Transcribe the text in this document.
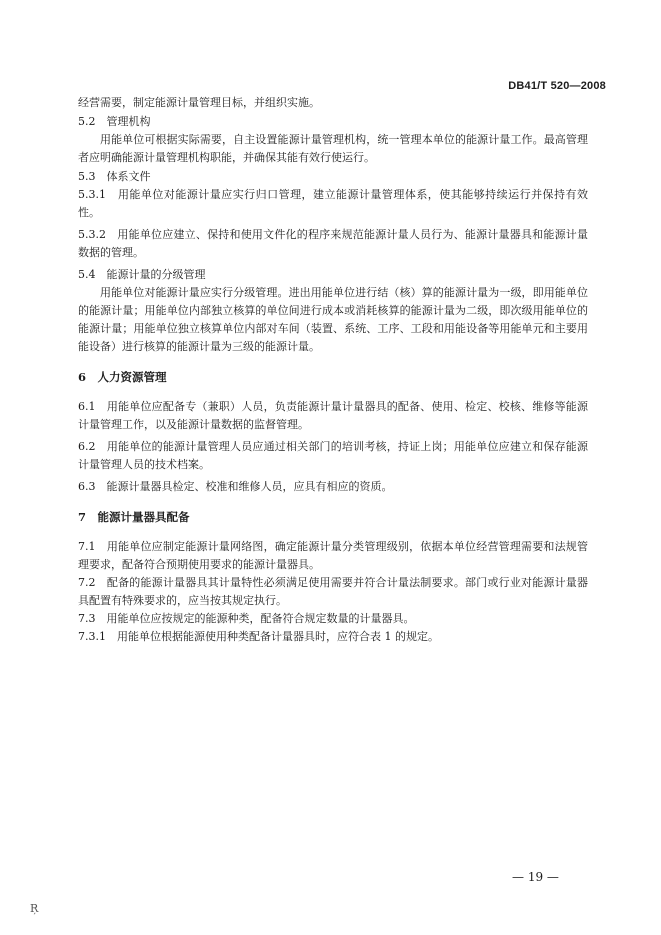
DB41/T 520—2008

经营需要，制定能源计量管理目标，并组织实施。

5.2　管理机构

用能单位可根据实际需要，自主设置能源计量管理机构，统一管理本单位的能源计量工作。最高管理者应明确能源计量管理机构职能，并确保其能有效行使运行。

5.3　体系文件

5.3.1　用能单位对能源计量应实行归口管理，建立能源计量管理体系，使其能够持续运行并保持有效性。

5.3.2　用能单位应建立、保持和使用文件化的程序来规范能源计量人员行为、能源计量器具和能源计量数据的管理。

5.4　能源计量的分级管理

用能单位对能源计量应实行分级管理。进出用能单位进行结（核）算的能源计量为一级，即用能单位的能源计量；用能单位内部独立核算的单位间进行成本或消耗核算的能源计量为二级，即次级用能单位的能源计量；用能单位独立核算单位内部对车间（装置、系统、工序、工段和用能设备等用能单元和主要用能设备）进行核算的能源计量为三级的能源计量。

6　人力资源管理

6.1　用能单位应配备专（兼职）人员，负责能源计量计量器具的配备、使用、检定、校核、维修等能源计量管理工作，以及能源计量数据的监督管理。

6.2　用能单位的能源计量管理人员应通过相关部门的培训考核，持证上岗；用能单位应建立和保存能源计量管理人员的技术档案。

6.3　能源计量器具检定、校准和维修人员，应具有相应的资质。

7　能源计量器具配备

7.1　用能单位应制定能源计量网络图，确定能源计量分类管理级别，依据本单位经营管理需要和法规管理要求，配备符合预期使用要求的能源计量器具。

7.2　配备的能源计量器具其计量特性必须满足使用需要并符合计量法制要求。部门或行业对能源计量器具配置有特殊要求的，应当按其规定执行。

7.3　用能单位应按规定的能源种类，配备符合规定数量的计量器具。

7.3.1　用能单位根据能源使用种类配备计量器具时，应符合表 1 的规定。

— 19 —
Ŗ
